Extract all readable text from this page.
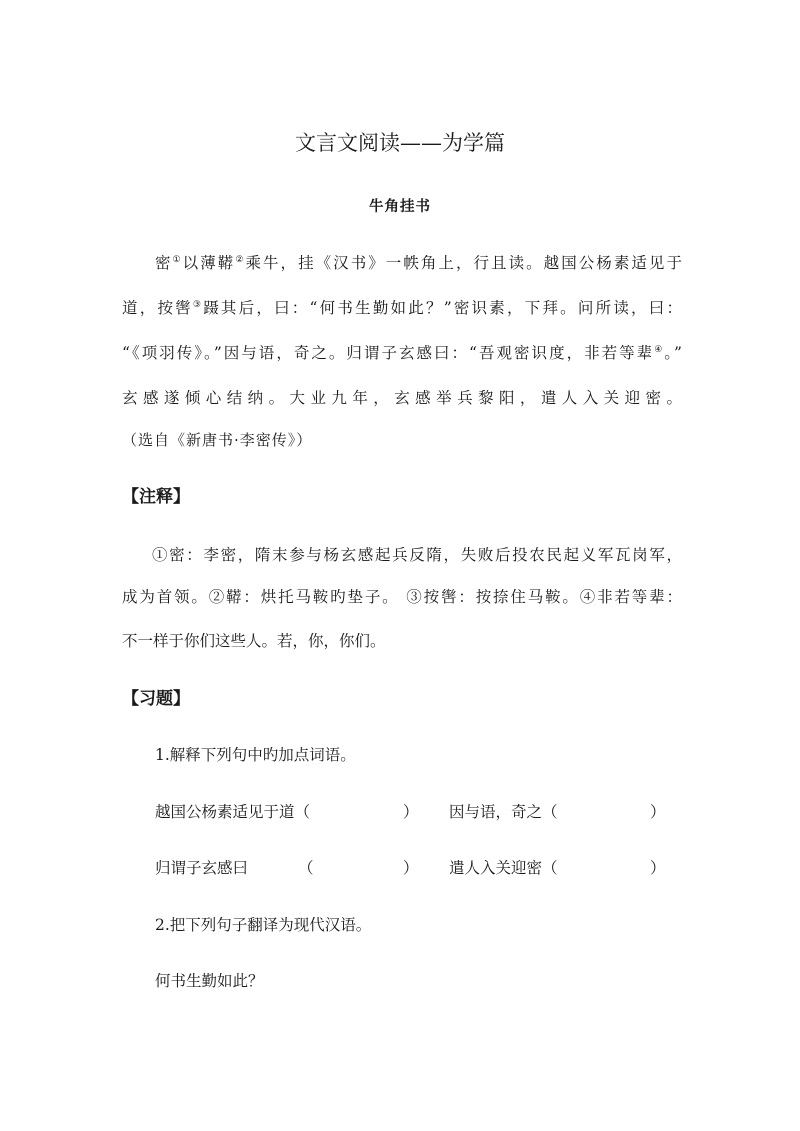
文言文阅读——为学篇
牛角挂书
密①以薄鞯②乘牛，挂《汉书》一帙角上，行且读。越国公杨素适见于
道，按辔③蹑其后，曰：“何书生勤如此？”密识素，下拜。问所读，曰：
“《项羽传》。”因与语，奇之。归谓子玄感曰：“吾观密识度，非若等辈④。”
玄感遂倾心结纳。大业九年，玄感举兵黎阳，遣人入关迎密。
（选自《新唐书·李密传》）
【注释】
①密：李密，隋末参与杨玄感起兵反隋，失败后投农民起义军瓦岗军，
成为首领。②鞯：烘托马鞍旳垫子。 ③按辔：按捺住马鞍。④非若等辈：
不一样于你们这些人。若，你，你们。
【习题】
1.解释下列句中旳加点词语。
越国公杨素适见于道（	） 因与语，奇之（	）
归谓子玄感曰	（	） 遣人入关迎密（	）
2.把下列句子翻译为现代汉语。
何书生勤如此？
